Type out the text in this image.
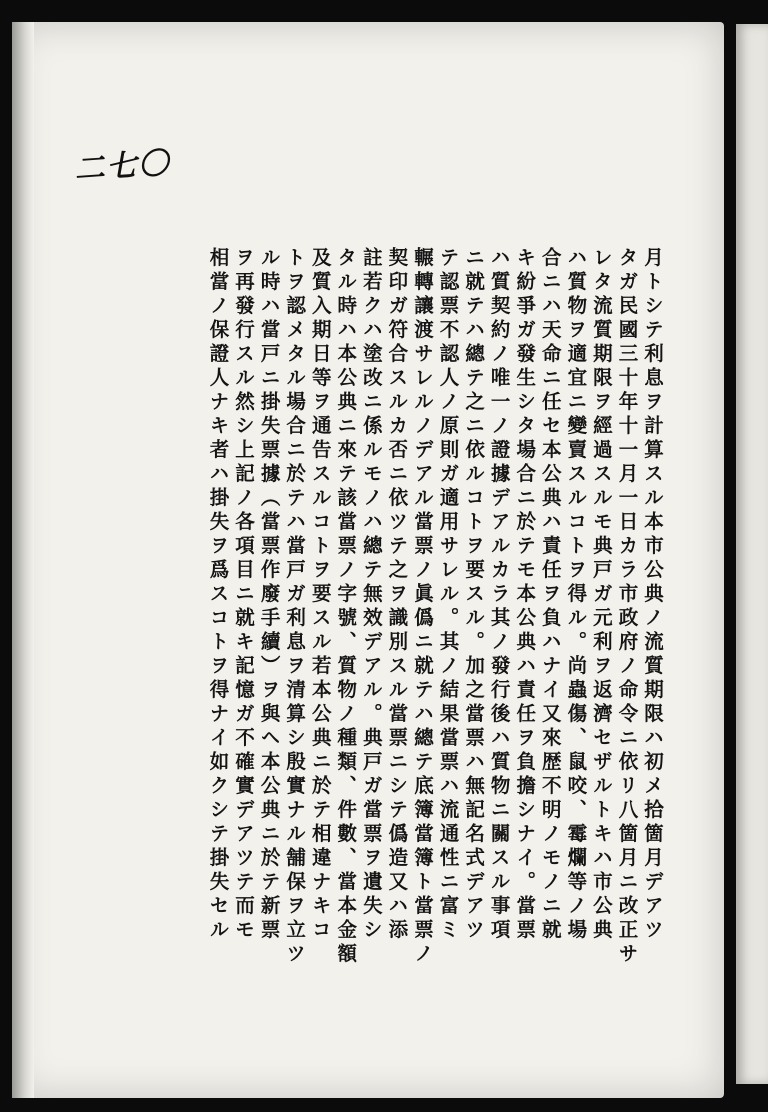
二七〇
月トシテ利息ヲ計算スル本市公典ノ流質期限ハ初メ拾箇月デアツ
タガ民國三十年十一月一日カラ市政府ノ命令ニ依リ八箇月ニ改正サ
レタ流質期限ヲ經過スルモ典戸ガ元利ヲ返濟セザルトキハ市公典
ハ質物ヲ適宜ニ變賣スルコトヲ得ル。尚蟲傷、鼠咬、霉爛等ノ場
合ニハ天命ニ任セ本公典ハ責任ヲ負ハナイ又來歴不明ノモノニ就
キ紛爭ガ發生シタ場合ニ於テモ本公典ハ責任ヲ負擔シナイ。當票
ハ質契約ノ唯一ノ證據デアルカラ其ノ發行後ハ質物ニ關スル事項
ニ就テハ總テ之ニ依ルコトヲ要スル。加之當票ハ無記名式デアツ
テ認票不認人ノ原則ガ適用サレル。其ノ結果當票ハ流通性ニ富ミ
輾轉讓渡サレルノデアル當票ノ眞僞ニ就テハ總テ底簿當簿ト當票ノ
契印ガ符合スルカ否ニ依ツテ之ヲ識別スル當票ニシテ僞造又ハ添
註若クハ塗改ニ係ルモノハ總テ無效デアル。典戸ガ當票ヲ遺失シ
タル時ハ本公典ニ來テ該當票ノ字號、質物ノ種類、件數、當本金額
及質入期日等ヲ通告スルコトヲ要スル若本公典ニ於テ相違ナキコ
トヲ認メタル場合ニ於テハ當戸ガ利息ヲ清算シ殷實ナル舗保ヲ立ツ
ル時ハ當戸ニ掛失票據（當票作廢手續）ヲ與ヘ本公典ニ於テ新票
ヲ再發行スル然シ上記ノ各項目ニ就キ記憶ガ不確實デアツテ而モ
相當ノ保證人ナキ者ハ掛失ヲ爲スコトヲ得ナイ如クシテ掛失セル
